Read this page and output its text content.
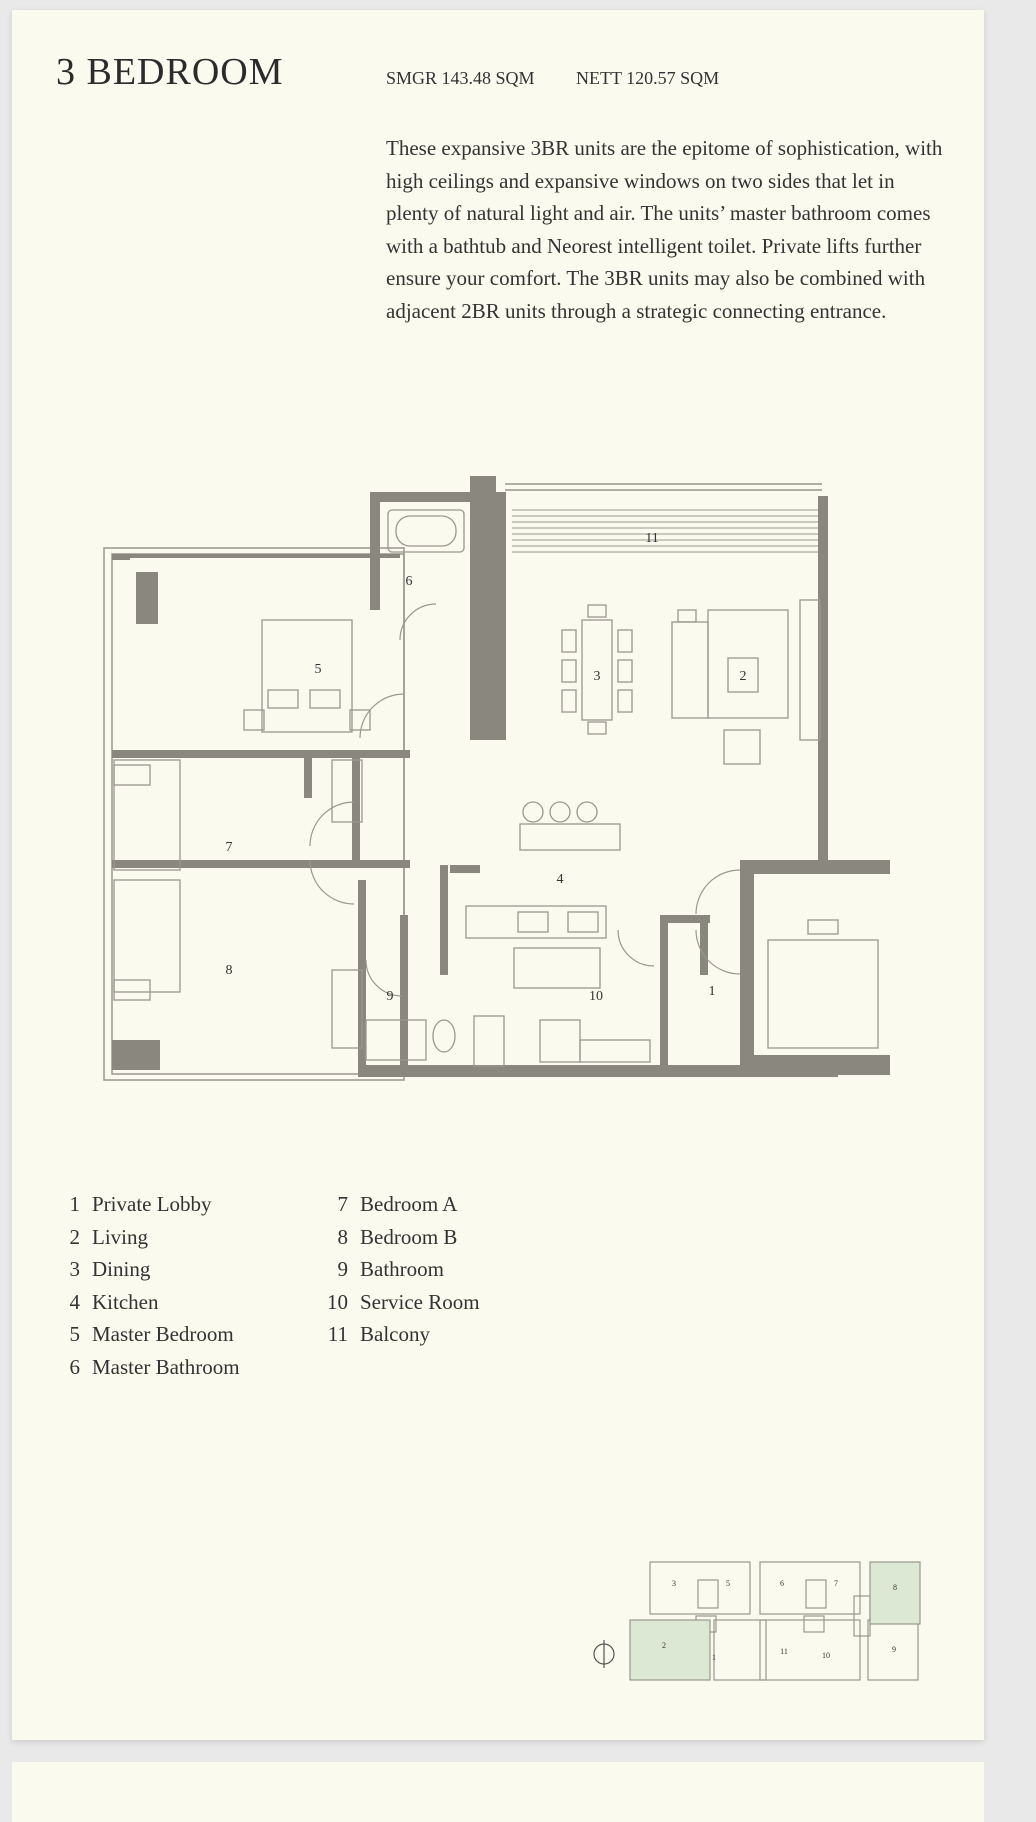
3 BEDROOM	SMGR 143.48 SQM NETT 120.57 SQM
These expansive 3BR units are the epitome of sophistication, with high ceilings and expansive windows on two sides that let in plenty of natural light and air. The units’ master bathroom comes with a bathtub and Neorest intelligent toilet. Private lifts further ensure your comfort. The 3BR units may also be combined with adjacent 2BR units through a strategic connecting entrance.
1
2
3
4
5
6
7
8
9	10
11
1 Private Lobby
2 Living
3 Dining
4 Kitchen
5 Master Bedroom
6 Master Bathroom
7 Bedroom A
8 Bedroom B
9 Bathroom
10 Service Room
11 Balcony
3	5	6	7	8
2
1
11	10
9
